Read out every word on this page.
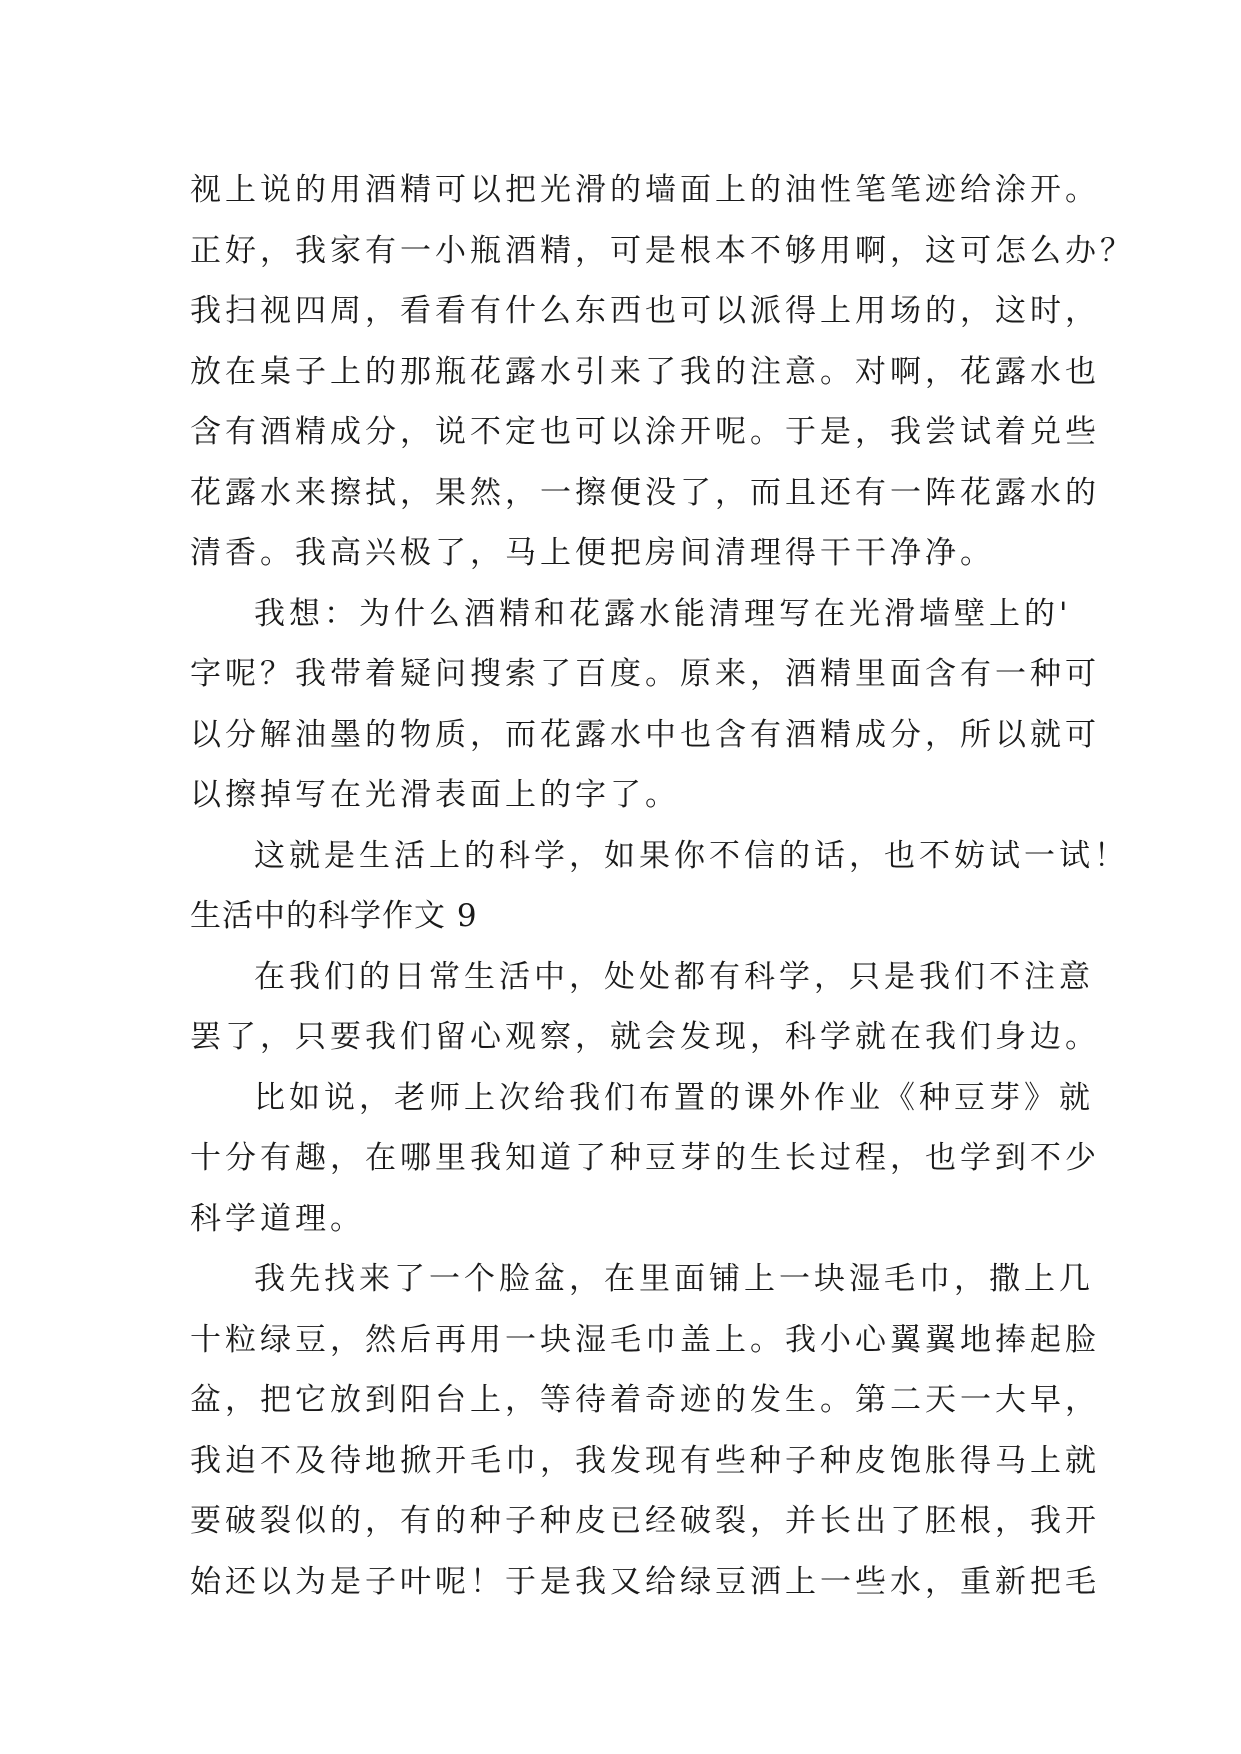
视上说的用酒精可以把光滑的墙面上的油性笔笔迹给涂开。
正好，我家有一小瓶酒精，可是根本不够用啊，这可怎么办？
我扫视四周，看看有什么东西也可以派得上用场的，这时，
放在桌子上的那瓶花露水引来了我的注意。对啊，花露水也
含有酒精成分，说不定也可以涂开呢。于是，我尝试着兑些
花露水来擦拭，果然，一擦便没了，而且还有一阵花露水的
清香。我高兴极了，马上便把房间清理得干干净净。
我想：为什么酒精和花露水能清理写在光滑墙壁上的'
字呢？我带着疑问搜索了百度。原来，酒精里面含有一种可
以分解油墨的物质，而花露水中也含有酒精成分，所以就可
以擦掉写在光滑表面上的字了。
这就是生活上的科学，如果你不信的话，也不妨试一试！
生活中的科学作文 9
在我们的日常生活中，处处都有科学，只是我们不注意
罢了，只要我们留心观察，就会发现，科学就在我们身边。
比如说，老师上次给我们布置的课外作业《种豆芽》就
十分有趣，在哪里我知道了种豆芽的生长过程，也学到不少
科学道理。
我先找来了一个脸盆，在里面铺上一块湿毛巾，撒上几
十粒绿豆，然后再用一块湿毛巾盖上。我小心翼翼地捧起脸
盆，把它放到阳台上，等待着奇迹的发生。第二天一大早，
我迫不及待地掀开毛巾，我发现有些种子种皮饱胀得马上就
要破裂似的，有的种子种皮已经破裂，并长出了胚根，我开
始还以为是子叶呢！于是我又给绿豆洒上一些水，重新把毛
